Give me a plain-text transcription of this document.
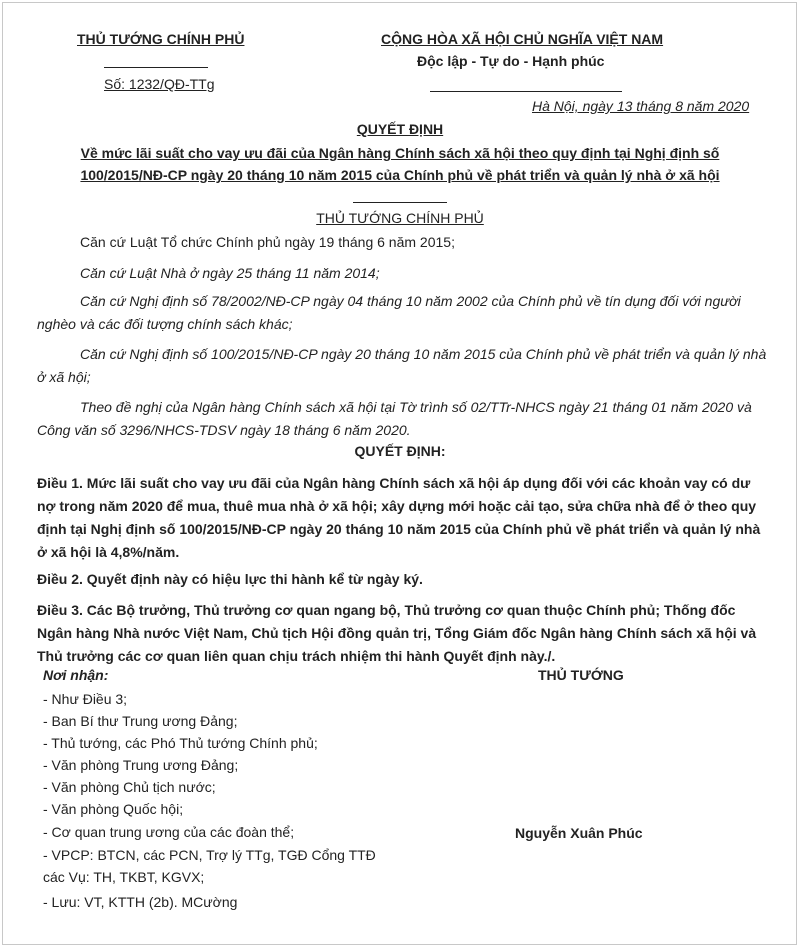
THỦ TƯỚNG CHÍNH PHỦ
Số: 1232/QĐ-TTg
CỘNG HÒA XÃ HỘI CHỦ NGHĨA VIỆT NAM
Độc lập - Tự do - Hạnh phúc
Hà Nội, ngày 13 tháng 8 năm 2020
QUYẾT ĐỊNH
Về mức lãi suất cho vay ưu đãi của Ngân hàng Chính sách xã hội theo quy định tại Nghị định số
100/2015/NĐ-CP ngày 20 tháng 10 năm 2015 của Chính phủ về phát triển và quản lý nhà ở xã hội
THỦ TƯỚNG CHÍNH PHỦ
Căn cứ Luật Tổ chức Chính phủ ngày 19 tháng 6 năm 2015;
Căn cứ Luật Nhà ở ngày 25 tháng 11 năm 2014;
Căn cứ Nghị định số 78/2002/NĐ-CP ngày 04 tháng 10 năm 2002 của Chính phủ về tín dụng đối với người nghèo và các đối tượng chính sách khác;
Căn cứ Nghị định số 100/2015/NĐ-CP ngày 20 tháng 10 năm 2015 của Chính phủ về phát triển và quản lý nhà ở xã hội;
Theo đề nghị của Ngân hàng Chính sách xã hội tại Tờ trình số 02/TTr-NHCS ngày 21 tháng 01 năm 2020 và Công văn số 3296/NHCS-TDSV ngày 18 tháng 6 năm 2020.
QUYẾT ĐỊNH:
Điều 1. Mức lãi suất cho vay ưu đãi của Ngân hàng Chính sách xã hội áp dụng đối với các khoản vay có dư nợ trong năm 2020 để mua, thuê mua nhà ở xã hội; xây dựng mới hoặc cải tạo, sửa chữa nhà để ở theo quy định tại Nghị định số 100/2015/NĐ-CP ngày 20 tháng 10 năm 2015 của Chính phủ về phát triển và quản lý nhà ở xã hội là 4,8%/năm.
Điều 2. Quyết định này có hiệu lực thi hành kể từ ngày ký.
Điều 3. Các Bộ trưởng, Thủ trưởng cơ quan ngang bộ, Thủ trưởng cơ quan thuộc Chính phủ; Thống đốc Ngân hàng Nhà nước Việt Nam, Chủ tịch Hội đồng quản trị, Tổng Giám đốc Ngân hàng Chính sách xã hội và Thủ trưởng các cơ quan liên quan chịu trách nhiệm thi hành Quyết định này./.
Nơi nhận:
- Như Điều 3;
- Ban Bí thư Trung ương Đảng;
- Thủ tướng, các Phó Thủ tướng Chính phủ;
- Văn phòng Trung ương Đảng;
- Văn phòng Chủ tịch nước;
- Văn phòng Quốc hội;
- Cơ quan trung ương của các đoàn thể;
- VPCP: BTCN, các PCN, Trợ lý TTg, TGĐ Cổng TTĐ
các Vụ: TH, TKBT, KGVX;
- Lưu: VT, KTTH (2b). MCường
THỦ TƯỚNG
Nguyễn Xuân Phúc
